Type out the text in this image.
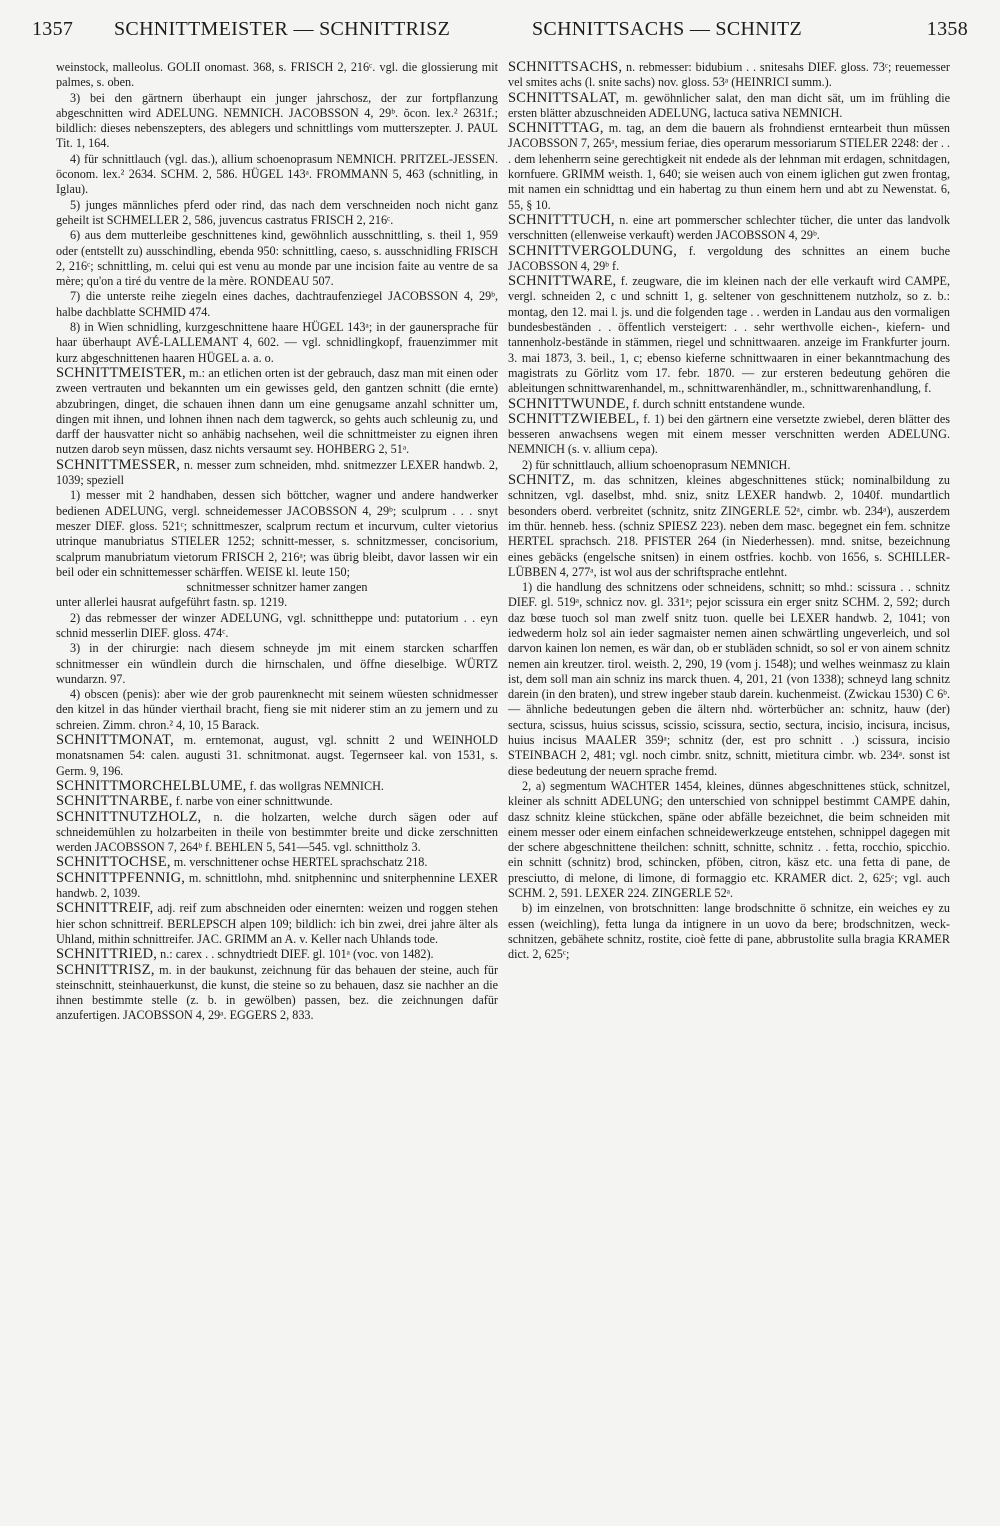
1357 SCHNITTMEISTER — SCHNITTRISZ	SCHNITTSACHS — SCHNITZ	1358

weinstock, malleolus. GOLII onomast. 368, s. FRISCH 2, 216ᶜ. vgl. die glossierung mit palmes, s. oben.

3) bei den gärtnern überhaupt ein junger jahrschosz, der zur fortpflanzung abgeschnitten wird ADELUNG. NEMNICH. JACOBSSON 4, 29ᵇ. ŏcon. lex.² 2631f.; bildlich: dieses nebenszepters, des ablegers und schnittlings vom mutterszepter. J. PAUL Tit. 1, 164.

4) für schnittlauch (vgl. das.), allium schoenoprasum NEMNICH. PRITZEL-JESSEN. öconom. lex.² 2634. SCHM. 2, 586. HÜGEL 143ᵃ. FROMMANN 5, 463 (schnitling, in Iglau).

5) junges männliches pferd oder rind, das nach dem verschneiden noch nicht ganz geheilt ist SCHMELLER 2, 586, juvencus castratus FRISCH 2, 216ᶜ.

6) aus dem mutterleibe geschnittenes kind, gewöhnlich ausschnittling, s. theil 1, 959 oder (entstellt zu) ausschindling, ebenda 950: schnittling, caeso, s. ausschnidling FRISCH 2, 216ᶜ; schnittling, m. celui qui est venu au monde par une incision faite au ventre de sa mère; qu'on a tiré du ventre de la mère. RONDEAU 507.

7) die unterste reihe ziegeln eines daches, dachtraufenziegel JACOBSSON 4, 29ᵇ, halbe dachblatte SCHMID 474.

8) in Wien schnidling, kurzgeschnittene haare HÜGEL 143ᵃ; in der gaunersprache für haar überhaupt AVÉ-LALLEMANT 4, 602. — vgl. schnidlingkopf, frauenzimmer mit kurz abgeschnittenen haaren HÜGEL a. a. o.

SCHNITTMEISTER, m.: an etlichen orten ist der gebrauch, dasz man mit einen oder zween vertrauten und bekannten um ein gewisses geld, den gantzen schnitt (die ernte) abzubringen, dinget, die schauen ihnen dann um eine genugsame anzahl schnitter um, dingen mit ihnen, und lohnen ihnen nach dem tagwerck, so gehts auch schleunig zu, und darff der hausvatter nicht so anhäbig nachsehen, weil die schnittmeister zu eignen ihren nutzen darob seyn müssen, dasz nichts versaumt sey. HOHBERG 2, 51ᵃ.

SCHNITTMESSER, n. messer zum schneiden, mhd. snitmezzer LEXER handwb. 2, 1039; speziell

1) messer mit 2 handhaben, dessen sich böttcher, wagner und andere handwerker bedienen ADELUNG, vergl. schneidemesser JACOBSSON 4, 29ᵇ; sculprum . . . snyt meszer DIEF. gloss. 521ᶜ; schnittmeszer, scalprum rectum et incurvum, culter vietorius utrinque manubriatus STIELER 1252; schnitt-messer, s. schnitzmesser, concisorium, scalprum manubriatum vietorum FRISCH 2, 216ᵃ; was übrig bleibt, davor lassen wir ein beil oder ein schnittemesser schärffen. WEISE kl. leute 150;

schnitmesser schnitzer hamer zangen

unter allerlei hausrat aufgeführt fastn. sp. 1219.

2) das rebmesser der winzer ADELUNG, vgl. schnittheppe und: putatorium . . eyn schnid messerlin DIEF. gloss. 474ᶜ.

3) in der chirurgie: nach diesem schneyde jm mit einem starcken scharffen schnitmesser ein wündlein durch die hirnschalen, und öffne dieselbige. WÜRTZ wundarzn. 97.

4) obscen (penis): aber wie der grob paurenknecht mit seinem wüesten schnidmesser den kitzel in das hünder vierthail bracht, fieng sie mit niderer stim an zu jemern und zu schreien. Zimm. chron.² 4, 10, 15 Barack.

SCHNITTMONAT, m. erntemonat, august, vgl. schnitt 2 und WEINHOLD monatsnamen 54: calen. augusti 31. schnitmonat. augst. Tegernseer kal. von 1531, s. Germ. 9, 196.

SCHNITTMORCHELBLUME, f. das wollgras NEMNICH.

SCHNITTNARBE, f. narbe von einer schnittwunde.

SCHNITTNUTZHOLZ, n. die holzarten, welche durch sägen oder auf schneidemühlen zu holzarbeiten in theile von bestimmter breite und dicke zerschnitten werden JACOBSSON 7, 264ᵇ f. BEHLEN 5, 541—545. vgl. schnittholz 3.

SCHNITTOCHSE, m. verschnittener ochse HERTEL sprachschatz 218.

SCHNITTPFENNIG, m. schnittlohn, mhd. snitphenninc und sniterphennine LEXER handwb. 2, 1039.

SCHNITTREIF, adj. reif zum abschneiden oder einernten: weizen und roggen stehen hier schon schnittreif. BERLEPSCH alpen 109; bildlich: ich bin zwei, drei jahre älter als Uhland, mithin schnittreifer. JAC. GRIMM an A. v. Keller nach Uhlands tode.

SCHNITTRIED, n.: carex . . schnydtriedt DIEF. gl. 101ᵃ (voc. von 1482).

SCHNITTRISZ, m. in der baukunst, zeichnung für das behauen der steine, auch für steinschnitt, steinhauerkunst, die kunst, die steine so zu behauen, dasz sie nachher an die ihnen bestimmte stelle (z. b. in gewölben) passen, bez. die zeichnungen dafür anzufertigen. JACOBSSON 4, 29ᵃ. EGGERS 2, 833.

SCHNITTSACHS, n. rebmesser: bidubium . . snitesahs DIEF. gloss. 73ᶜ; reuemesser vel smites achs (l. snite sachs) nov. gloss. 53ᵃ (HEINRICI summ.).

SCHNITTSALAT, m. gewöhnlicher salat, den man dicht sät, um im frühling die ersten blätter abzuschneiden ADELUNG, lactuca sativa NEMNICH.

SCHNITTTAG, m. tag, an dem die bauern als frohndienst erntearbeit thun müssen JACOBSSON 7, 265ᵃ, messium feriae, dies operarum messoriarum STIELER 2248: der . . . dem lehenherrn seine gerechtigkeit nit endede als der lehnman mit erdagen, schnitdagen, kornfuere. GRIMM weisth. 1, 640; sie weisen auch von einem iglichen gut zwen frontag, mit namen ein schnidttag und ein habertag zu thun einem hern und abt zu Newenstat. 6, 55, § 10.

SCHNITTTUCH, n. eine art pommerscher schlechter tücher, die unter das landvolk verschnitten (ellenweise verkauft) werden JACOBSSON 4, 29ᵇ.

SCHNITTVERGOLDUNG, f. vergoldung des schnittes an einem buche JACOBSSON 4, 29ᵇ f.

SCHNITTWARE, f. zeugware, die im kleinen nach der elle verkauft wird CAMPE, vergl. schneiden 2, c und schnitt 1, g. seltener von geschnittenem nutzholz, so z. b.: montag, den 12. mai l. js. und die folgenden tage . . werden in Landau aus den vormaligen bundesbeständen . . öffentlich versteigert: . . sehr werthvolle eichen-, kiefern- und tannenholz-bestände in stämmen, riegel und schnittwaaren. anzeige im Frankfurter journ. 3. mai 1873, 3. beil., 1, c; ebenso kieferne schnittwaaren in einer bekanntmachung des magistrats zu Görlitz vom 17. febr. 1870. — zur ersteren bedeutung gehören die ableitungen schnittwarenhandel, m., schnittwarenhändler, m., schnittwarenhandlung, f.

SCHNITTWUNDE, f. durch schnitt entstandene wunde.

SCHNITTZWIEBEL, f. 1) bei den gärtnern eine versetzte zwiebel, deren blätter des besseren anwachsens wegen mit einem messer verschnitten werden ADELUNG. NEMNICH (s. v. allium cepa).

2) für schnittlauch, allium schoenoprasum NEMNICH.

SCHNITZ, m. das schnitzen, kleines abgeschnittenes stück; nominalbildung zu schnitzen, vgl. daselbst, mhd. sniz, snitz LEXER handwb. 2, 1040f. mundartlich besonders oberd. verbreitet (schnitz, snitz ZINGERLE 52ᵃ, cimbr. wb. 234ᵃ), auszerdem im thür. henneb. hess. (schniz SPIESZ 223). neben dem masc. begegnet ein fem. schnitze HERTEL sprachsch. 218. PFISTER 264 (in Niederhessen). mnd. snitse, bezeichnung eines gebäcks (engelsche snitsen) in einem ostfries. kochb. von 1656, s. SCHILLER-LÜBBEN 4, 277ᵃ, ist wol aus der schriftsprache entlehnt.

1) die handlung des schnitzens oder schneidens, schnitt; so mhd.: scissura . . schnitz DIEF. gl. 519ᵃ, schnicz nov. gl. 331ᵃ; pejor scissura ein erger snitz SCHM. 2, 592; durch daz bœse tuoch sol man zwelf snitz tuon. quelle bei LEXER handwb. 2, 1041; von iedwederm holz sol ain ieder sagmaister nemen ainen schwärtling ungeverleich, und sol darvon kainen lon nemen, es wär dan, ob er stubläden schnidt, so sol er von ainem schnitz nemen ain kreutzer. tirol. weisth. 2, 290, 19 (vom j. 1548); und welhes weinmasz zu klain ist, dem soll man ain schniz ins marck thuen. 4, 201, 21 (von 1338); schneyd lang schnitz darein (in den braten), und strew ingeber staub darein. kuchenmeist. (Zwickau 1530) C 6ᵇ. — ähnliche bedeutungen geben die ältern nhd. wörterbücher an: schnitz, hauw (der) sectura, scissus, huius scissus, scissio, scissura, sectio, sectura, incisio, incisura, incisus, huius incisus MAALER 359ᵃ; schnitz (der, est pro schnitt . .) scissura, incisio STEINBACH 2, 481; vgl. noch cimbr. snitz, schnitt, mietitura cimbr. wb. 234ᵃ. sonst ist diese bedeutung der neuern sprache fremd.

2, a) segmentum WACHTER 1454, kleines, dünnes abgeschnittenes stück, schnitzel, kleiner als schnitt ADELUNG; den unterschied von schnippel bestimmt CAMPE dahin, dasz schnitz kleine stückchen, späne oder abfälle bezeichnet, die beim schneiden mit einem messer oder einem einfachen schneidewerkzeuge entstehen, schnippel dagegen mit der schere abgeschnittene theilchen: schnitt, schnitte, schnitz . . fetta, rocchio, spicchio. ein schnitt (schnitz) brod, schincken, pföben, citron, käsz etc. una fetta di pane, de presciutto, di melone, di limone, di formaggio etc. KRAMER dict. 2, 625ᶜ; vgl. auch SCHM. 2, 591. LEXER 224. ZINGERLE 52ᵃ.

b) im einzelnen, von brotschnitten: lange brodschnitte ö schnitze, ein weiches ey zu essen (weichling), fetta lunga da intignere in un uovo da bere; brodschnitzen, weck-schnitzen, gebähete schnitz, rostite, cioè fette di pane, abbrustolite sulla bragia KRAMER dict. 2, 625ᶜ;
